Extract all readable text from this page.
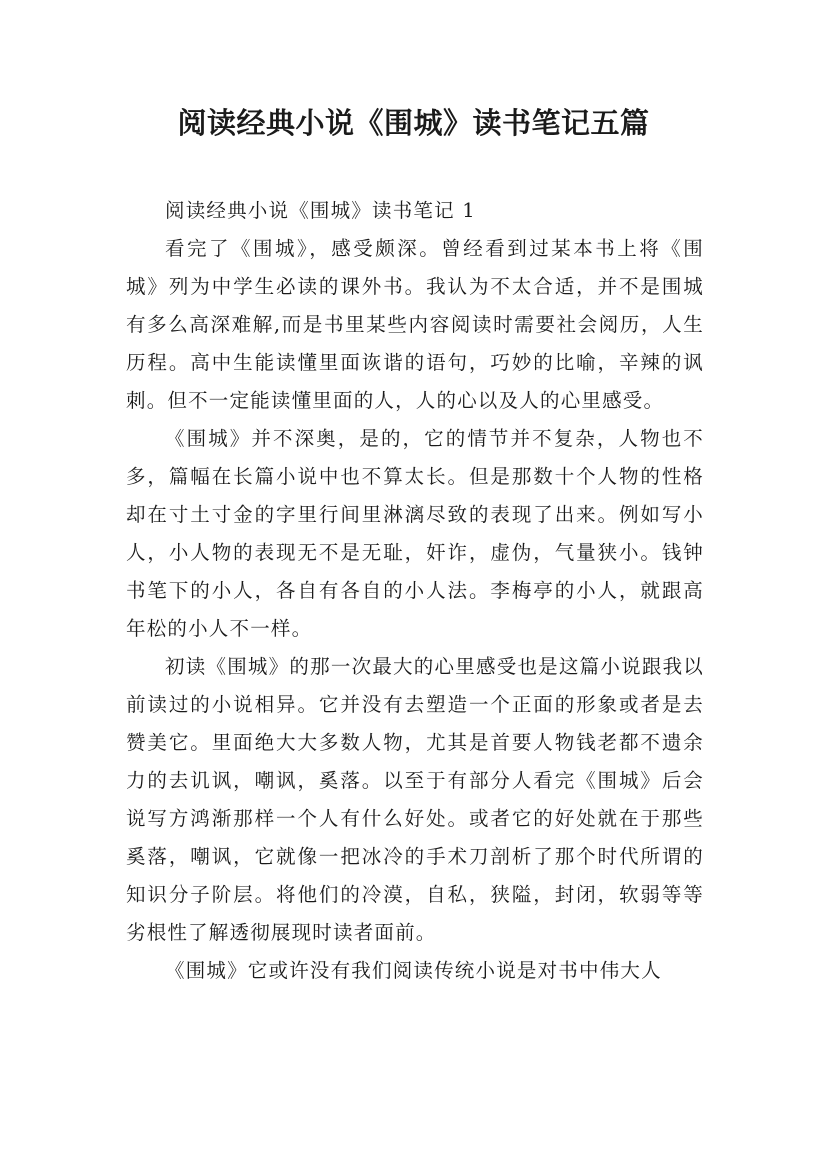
阅读经典小说《围城》读书笔记五篇

阅读经典小说《围城》读书笔记 1

看完了《围城》，感受颇深。曾经看到过某本书上将《围城》列为中学生必读的课外书。我认为不太合适，并不是围城有多么高深难解,而是书里某些内容阅读时需要社会阅历，人生历程。高中生能读懂里面诙谐的语句，巧妙的比喻，辛辣的讽刺。但不一定能读懂里面的人，人的心以及人的心里感受。

《围城》并不深奥，是的，它的情节并不复杂，人物也不多，篇幅在长篇小说中也不算太长。但是那数十个人物的性格却在寸土寸金的字里行间里淋漓尽致的表现了出来。例如写小人，小人物的表现无不是无耻，奸诈，虚伪，气量狭小。钱钟书笔下的小人，各自有各自的小人法。李梅亭的小人，就跟高年松的小人不一样。

初读《围城》的那一次最大的心里感受也是这篇小说跟我以前读过的小说相异。它并没有去塑造一个正面的形象或者是去赞美它。里面绝大大多数人物，尤其是首要人物钱老都不遗余力的去讥讽，嘲讽，奚落。以至于有部分人看完《围城》后会说写方鸿渐那样一个人有什么好处。或者它的好处就在于那些奚落，嘲讽，它就像一把冰冷的手术刀剖析了那个时代所谓的知识分子阶层。将他们的冷漠，自私，狭隘，封闭，软弱等等劣根性了解透彻展现时读者面前。

《围城》它或许没有我们阅读传统小说是对书中伟大人
